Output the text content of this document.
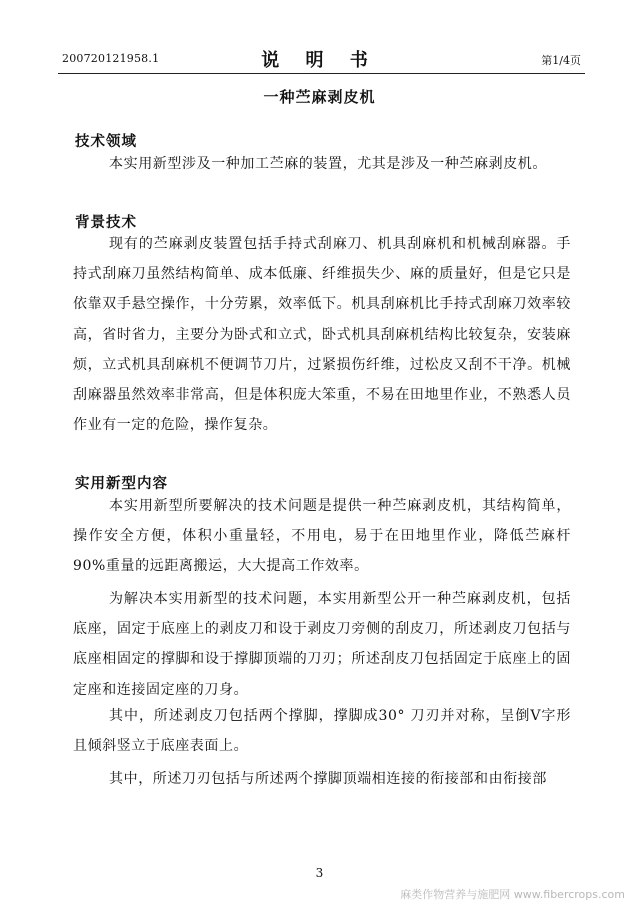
200720121958.1	说 明 书	第1/4页
一种苎麻剥皮机
技术领域

本实用新型涉及一种加工苎麻的装置，尤其是涉及一种苎麻剥皮机。

背景技术

现有的苎麻剥皮装置包括手持式刮麻刀、机具刮麻机和机械刮麻器。手持式刮麻刀虽然结构简单、成本低廉、纤维损失少、麻的质量好，但是它只是依靠双手悬空操作，十分劳累，效率低下。机具刮麻机比手持式刮麻刀效率较高，省时省力，主要分为卧式和立式，卧式机具刮麻机结构比较复杂，安装麻烦，立式机具刮麻机不便调节刀片，过紧损伤纤维，过松皮又刮不干净。机械刮麻器虽然效率非常高，但是体积庞大笨重，不易在田地里作业，不熟悉人员作业有一定的危险，操作复杂。

实用新型内容

本实用新型所要解决的技术问题是提供一种苎麻剥皮机，其结构简单，操作安全方便，体积小重量轻，不用电，易于在田地里作业，降低苎麻杆90%重量的远距离搬运，大大提高工作效率。

为解决本实用新型的技术问题，本实用新型公开一种苎麻剥皮机，包括底座，固定于底座上的剥皮刀和设于剥皮刀旁侧的刮皮刀，所述剥皮刀包括与底座相固定的撑脚和设于撑脚顶端的刀刃；所述刮皮刀包括固定于底座上的固定座和连接固定座的刀身。

其中，所述剥皮刀包括两个撑脚，撑脚成30° 刀刃并对称，呈倒V字形且倾斜竖立于底座表面上。

其中，所述刀刃包括与所述两个撑脚顶端相连接的衔接部和由衔接部

3
麻类作物营养与施肥网 www.fibercrops.com
